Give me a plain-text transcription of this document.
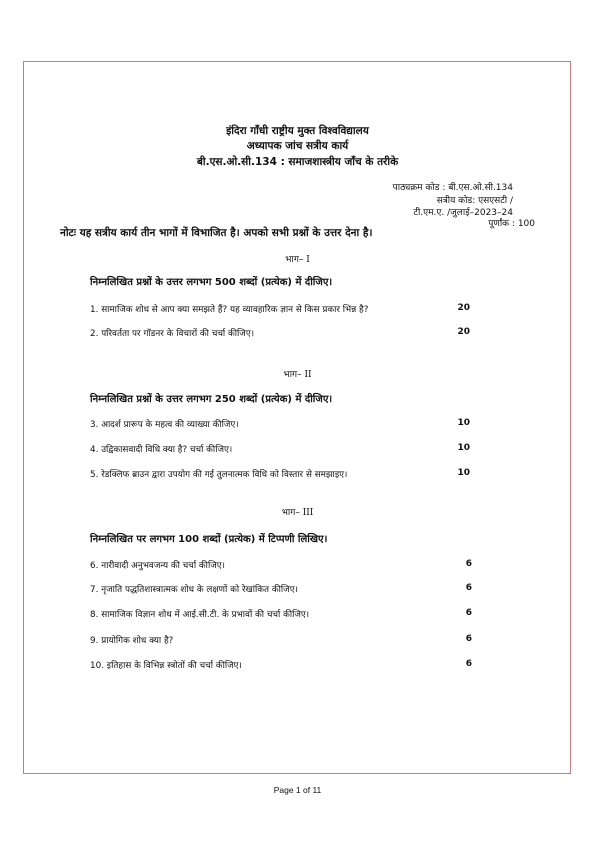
इंदिरा गाँधी राष्ट्रीय मुक्त विश्वविद्यालय
अध्यापक जांच सत्रीय कार्य
बी.एस.ओ.सी.134 : समाजशास्त्रीय जाँच के तरीके
पाठ्यक्रम कोड : बी.एस.ओ.सी.134
सत्रीय कोड: एसएसटी /
टी.एम.ए. /जुलाई–2023–24
पूर्णांक : 100
नोटः यह सत्रीय कार्य तीन भागों में विभाजित है। अपको सभी प्रश्नों के उत्तर देना है।
भाग– I
निम्नलिखित प्रश्नों के उत्तर लगभग 500 शब्दों (प्रत्येक) में दीजिए।
1. सामाजिक शोध से आप क्या समझते हैं? यह व्यावहारिक ज्ञान से किस प्रकार भिन्न है?	20
2. परिवर्तता पर गॉडनर के विचारों की चर्चा कीजिए।	20
भाग– II
निम्नलिखित प्रश्नों के उत्तर लगभग 250 शब्दों (प्रत्येक) में दीजिए।
3. आदर्श प्रारूप के महत्व की व्याख्या कीजिए।	10
4. उद्विकासवादी विधि क्या है? चर्चा कीजिए।	10
5. रेडक्लिफ ब्राउन द्वारा उपयोग की गई तुलनात्मक विधि को विस्तार से समझाइए।	10
भाग– III
निम्नलिखित पर लगभग 100 शब्दों (प्रत्येक) में टिप्पणी लिखिए।
6. नारीवादी अनुभवजन्य की चर्चा कीजिए।	6
7. नृजाति पद्धतिशास्त्रात्मक शोध के लक्षणों को रेखांकित कीजिए।	6
8. सामाजिक विज्ञान शोध में आई.सी.टी. के प्रभावों की चर्चा कीजिए।	6
9. प्रायोगिक शोध क्या है?	6
10. इतिहास के विभिन्न स्त्रोतों की चर्चा कीजिए।	6
Page 1 of 11
